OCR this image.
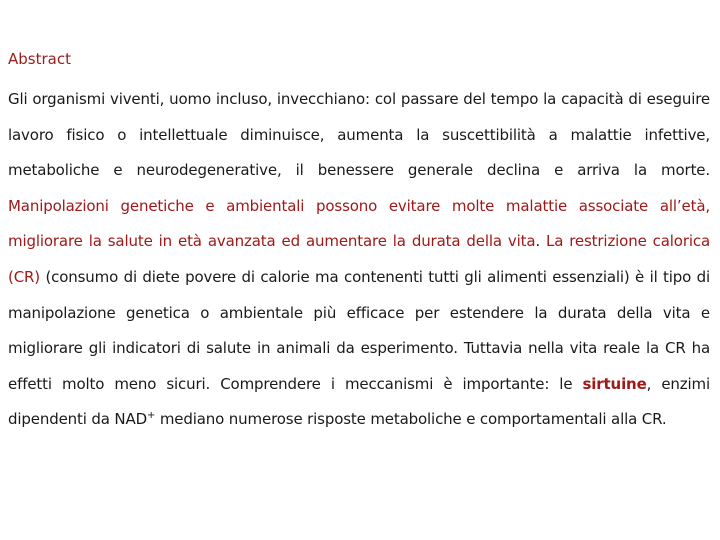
Abstract

Gli organismi viventi, uomo incluso, invecchiano: col passare del tempo la capacità di eseguire lavoro fisico o intellettuale diminuisce, aumenta la suscettibilità a malattie infettive, metaboliche e neurodegenerative, il benessere generale declina e arriva la morte. Manipolazioni genetiche e ambientali possono evitare molte malattie associate all’età, migliorare la salute in età avanzata ed aumentare la durata della vita. La restrizione calorica (CR) (consumo di diete povere di calorie ma contenenti tutti gli alimenti essenziali) è il tipo di manipolazione genetica o ambientale più efficace per estendere la durata della vita e migliorare gli indicatori di salute in animali da esperimento. Tuttavia nella vita reale la CR ha effetti molto meno sicuri. Comprendere i meccanismi è importante: le sirtuine, enzimi dipendenti da NAD+ mediano numerose risposte metaboliche e comportamentali alla CR.
